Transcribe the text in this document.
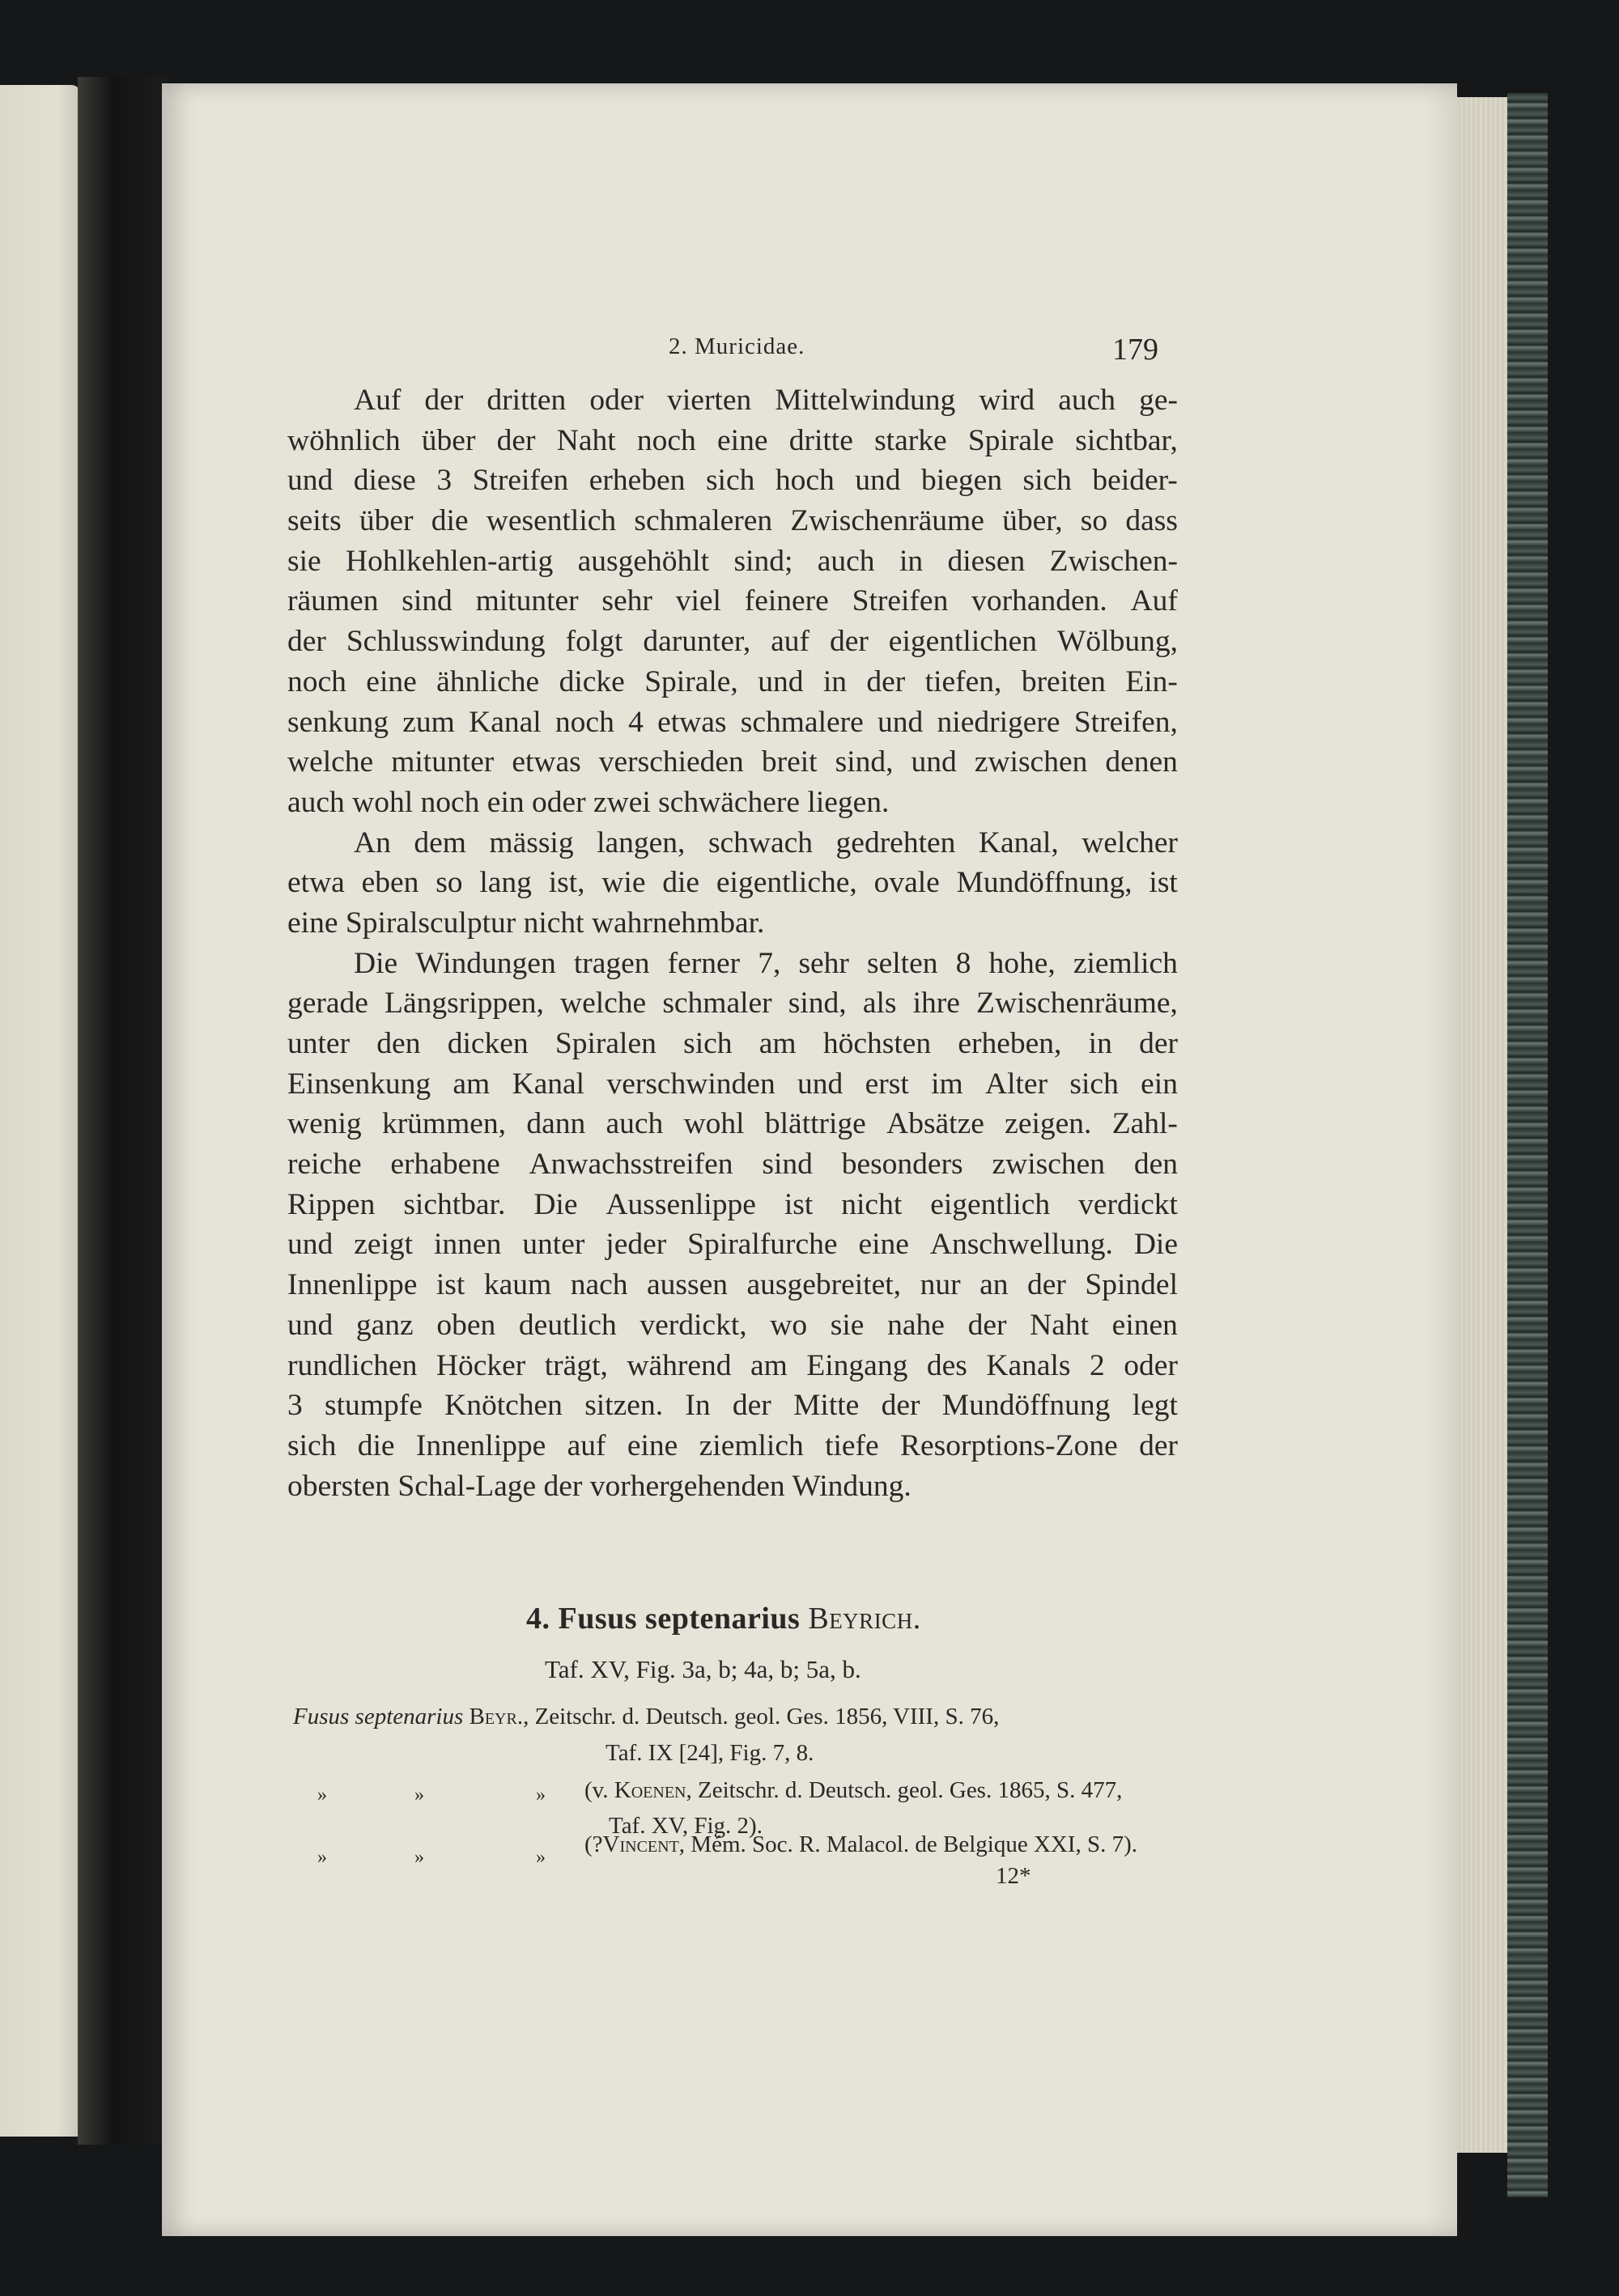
2. Muricidae.	179
Auf der dritten oder vierten Mittelwindung wird auch ge-
wöhnlich über der Naht noch eine dritte starke Spirale sichtbar,
und diese 3 Streifen erheben sich hoch und biegen sich beider-
seits über die wesentlich schmaleren Zwischenräume über, so dass
sie Hohlkehlen-artig ausgehöhlt sind; auch in diesen Zwischen-
räumen sind mitunter sehr viel feinere Streifen vorhanden. Auf
der Schlusswindung folgt darunter, auf der eigentlichen Wölbung,
noch eine ähnliche dicke Spirale, und in der tiefen, breiten Ein-
senkung zum Kanal noch 4 etwas schmalere und niedrigere Streifen,
welche mitunter etwas verschieden breit sind, und zwischen denen
auch wohl noch ein oder zwei schwächere liegen.
An dem mässig langen, schwach gedrehten Kanal, welcher
etwa eben so lang ist, wie die eigentliche, ovale Mundöffnung, ist
eine Spiralsculptur nicht wahrnehmbar.
Die Windungen tragen ferner 7, sehr selten 8 hohe, ziemlich
gerade Längsrippen, welche schmaler sind, als ihre Zwischenräume,
unter den dicken Spiralen sich am höchsten erheben, in der
Einsenkung am Kanal verschwinden und erst im Alter sich ein
wenig krümmen, dann auch wohl blättrige Absätze zeigen. Zahl-
reiche erhabene Anwachsstreifen sind besonders zwischen den
Rippen sichtbar. Die Aussenlippe ist nicht eigentlich verdickt
und zeigt innen unter jeder Spiralfurche eine Anschwellung. Die
Innenlippe ist kaum nach aussen ausgebreitet, nur an der Spindel
und ganz oben deutlich verdickt, wo sie nahe der Naht einen
rundlichen Höcker trägt, während am Eingang des Kanals 2 oder
3 stumpfe Knötchen sitzen. In der Mitte der Mundöffnung legt
sich die Innenlippe auf eine ziemlich tiefe Resorptions-Zone der
obersten Schal-Lage der vorhergehenden Windung.
4. Fusus septenarius Beyrich.
Taf. XV, Fig. 3a, b; 4a, b; 5a, b.
Fusus septenarius Beyr., Zeitschr. d. Deutsch. geol. Ges. 1856, VIII, S. 76,
Taf. IX [24], Fig. 7, 8.
»	»	» (v. Koenen, Zeitschr. d. Deutsch. geol. Ges. 1865, S. 477,
Taf. XV, Fig. 2).
»	»	» (?Vincent, Mém. Soc. R. Malacol. de Belgique XXI, S. 7).
12*
